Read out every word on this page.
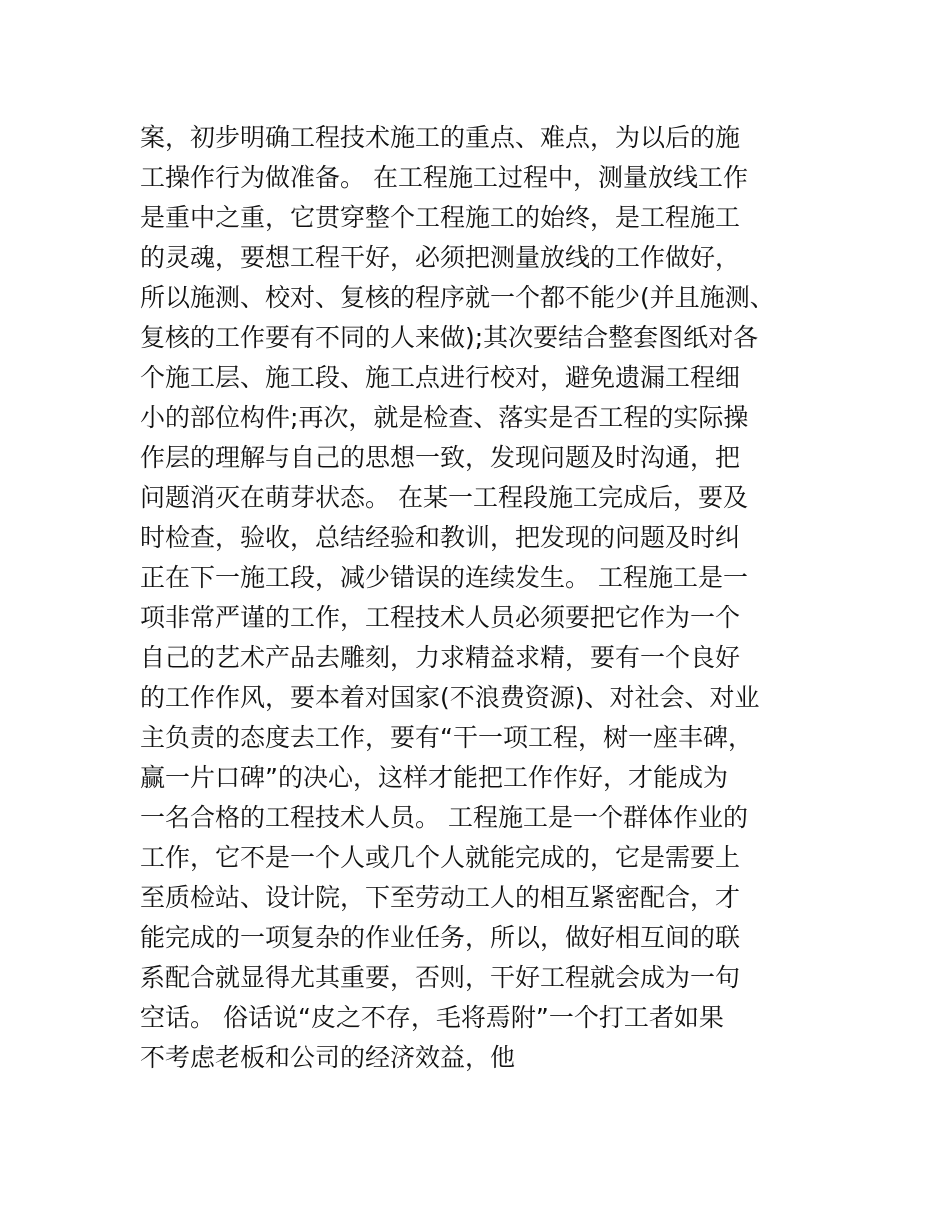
案，初步明确工程技术施工的重点、难点，为以后的施
工操作行为做准备。 在工程施工过程中，测量放线工作
是重中之重，它贯穿整个工程施工的始终，是工程施工
的灵魂，要想工程干好，必须把测量放线的工作做好，
所以施测、校对、复核的程序就一个都不能少(并且施测、
复核的工作要有不同的人来做);其次要结合整套图纸对各
个施工层、施工段、施工点进行校对，避免遗漏工程细
小的部位构件;再次，就是检查、落实是否工程的实际操
作层的理解与自己的思想一致，发现问题及时沟通，把
问题消灭在萌芽状态。 在某一工程段施工完成后，要及
时检查，验收，总结经验和教训，把发现的问题及时纠
正在下一施工段，减少错误的连续发生。 工程施工是一
项非常严谨的工作，工程技术人员必须要把它作为一个
自己的艺术产品去雕刻，力求精益求精，要有一个良好
的工作作风，要本着对国家(不浪费资源)、对社会、对业
主负责的态度去工作，要有“干一项工程，树一座丰碑，
赢一片口碑”的决心，这样才能把工作作好，才能成为
一名合格的工程技术人员。 工程施工是一个群体作业的
工作，它不是一个人或几个人就能完成的，它是需要上
至质检站、设计院，下至劳动工人的相互紧密配合，才
能完成的一项复杂的作业任务，所以，做好相互间的联
系配合就显得尤其重要，否则，干好工程就会成为一句
空话。 俗话说“皮之不存，毛将焉附”一个打工者如果
不考虑老板和公司的经济效益，他
